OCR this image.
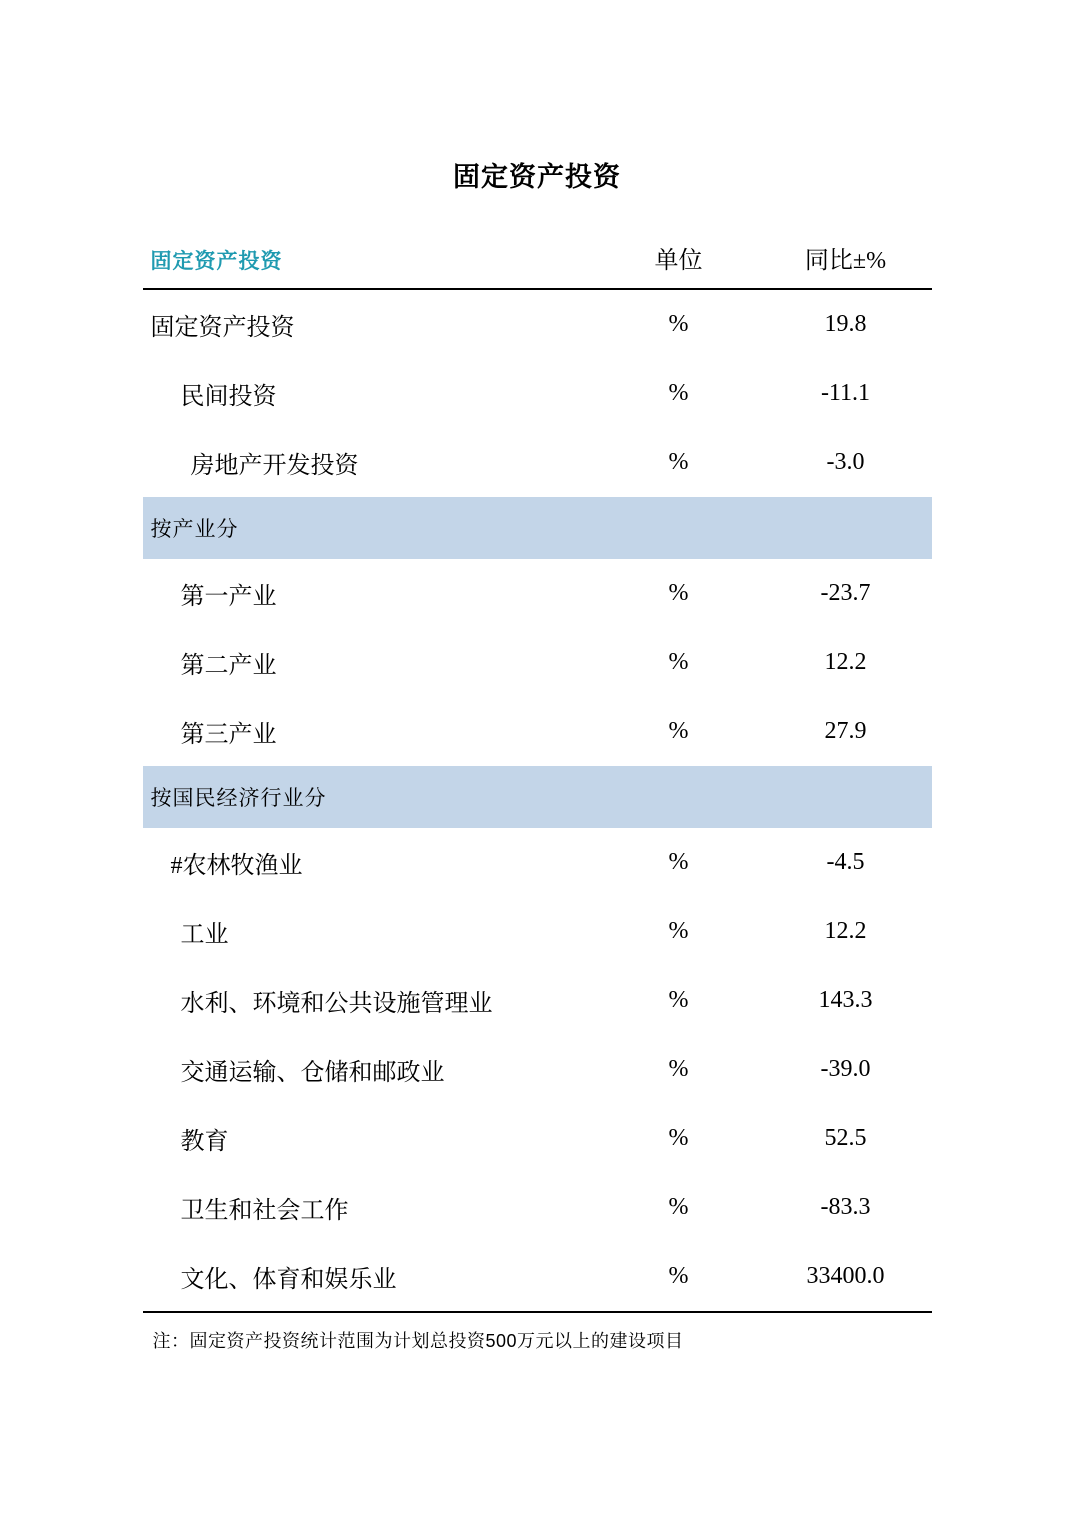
固定资产投资
固定资产投资	单位	同比±%
固定资产投资	%	19.8
民间投资	%	-11.1
房地产开发投资	%	-3.0
按产业分		
第一产业	%	-23.7
第二产业	%	12.2
第三产业	%	27.9
按国民经济行业分		
#农林牧渔业	%	-4.5
工业	%	12.2
水利、环境和公共设施管理业	%	143.3
交通运输、仓储和邮政业	%	-39.0
教育	%	52.5
卫生和社会工作	%	-83.3
文化、体育和娱乐业	%	33400.0
注：固定资产投资统计范围为计划总投资500万元以上的建设项目
